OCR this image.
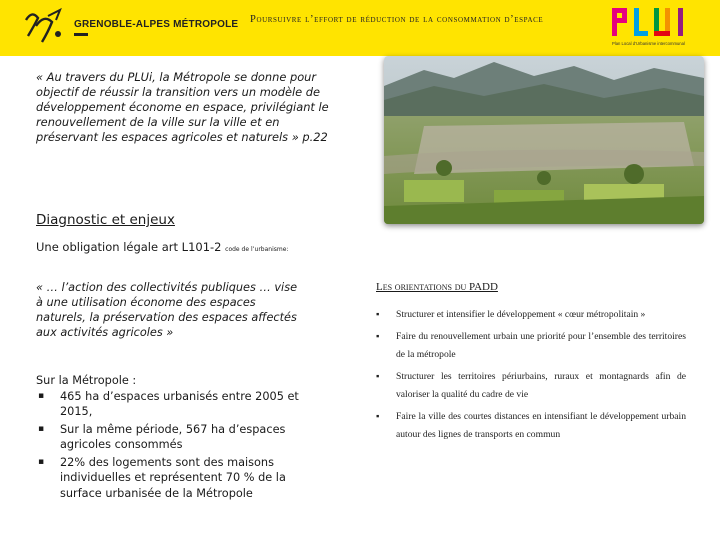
GRENOBLE-ALPES MÉTROPOLE Poursuivre l’effort de réduction de la consommation d’espace
Plan Local d’Urbanisme intercommunal
« Au travers du PLUi, la Métropole se donne pour objectif de réussir la transition vers un modèle de développement économe en espace, privilégiant le renouvellement de la ville sur la ville et en préservant les espaces agricoles et naturels » p.22
Diagnostic et enjeux
Une obligation légale art L101-2 code de l’urbanisme:
« … l’action des collectivités publiques … vise à une utilisation économe des espaces naturels, la préservation des espaces affectés aux activités agricoles »
Sur la Métropole :
▪ 465 ha d’espaces urbanisés entre 2005 et 2015,
▪ Sur la même période, 567 ha d’espaces agricoles consommés
▪ 22% des logements sont des maisons individuelles et représentent 70 % de la surface urbanisée de la Métropole
Les orientations du PADD
▪ Structurer et intensifier le développement « cœur métropolitain »
▪ Faire du renouvellement urbain une priorité pour l’ensemble des territoires de la métropole
▪ Structurer les territoires périurbains, ruraux et montagnards afin de valoriser la qualité du cadre de vie
▪ Faire la ville des courtes distances en intensifiant le développement urbain autour des lignes de transports en commun
